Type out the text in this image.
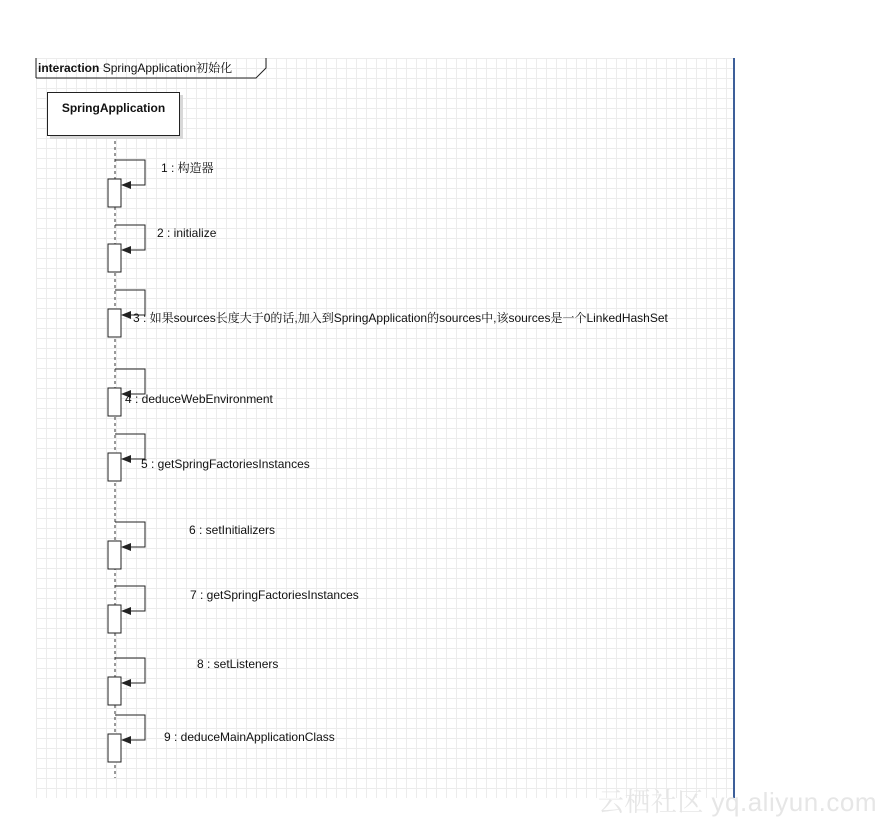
interaction SpringApplication初始化
SpringApplication
1 : 构造器
2 : initialize
3 : 如果sources长度大于0的话,加入到SpringApplication的sources中,该sources是一个LinkedHashSet
4 : deduceWebEnvironment
5 : getSpringFactoriesInstances
6 : setInitializers
7 : getSpringFactoriesInstances
8 : setListeners
9 : deduceMainApplicationClass
云栖社区 yq.aliyun.com
